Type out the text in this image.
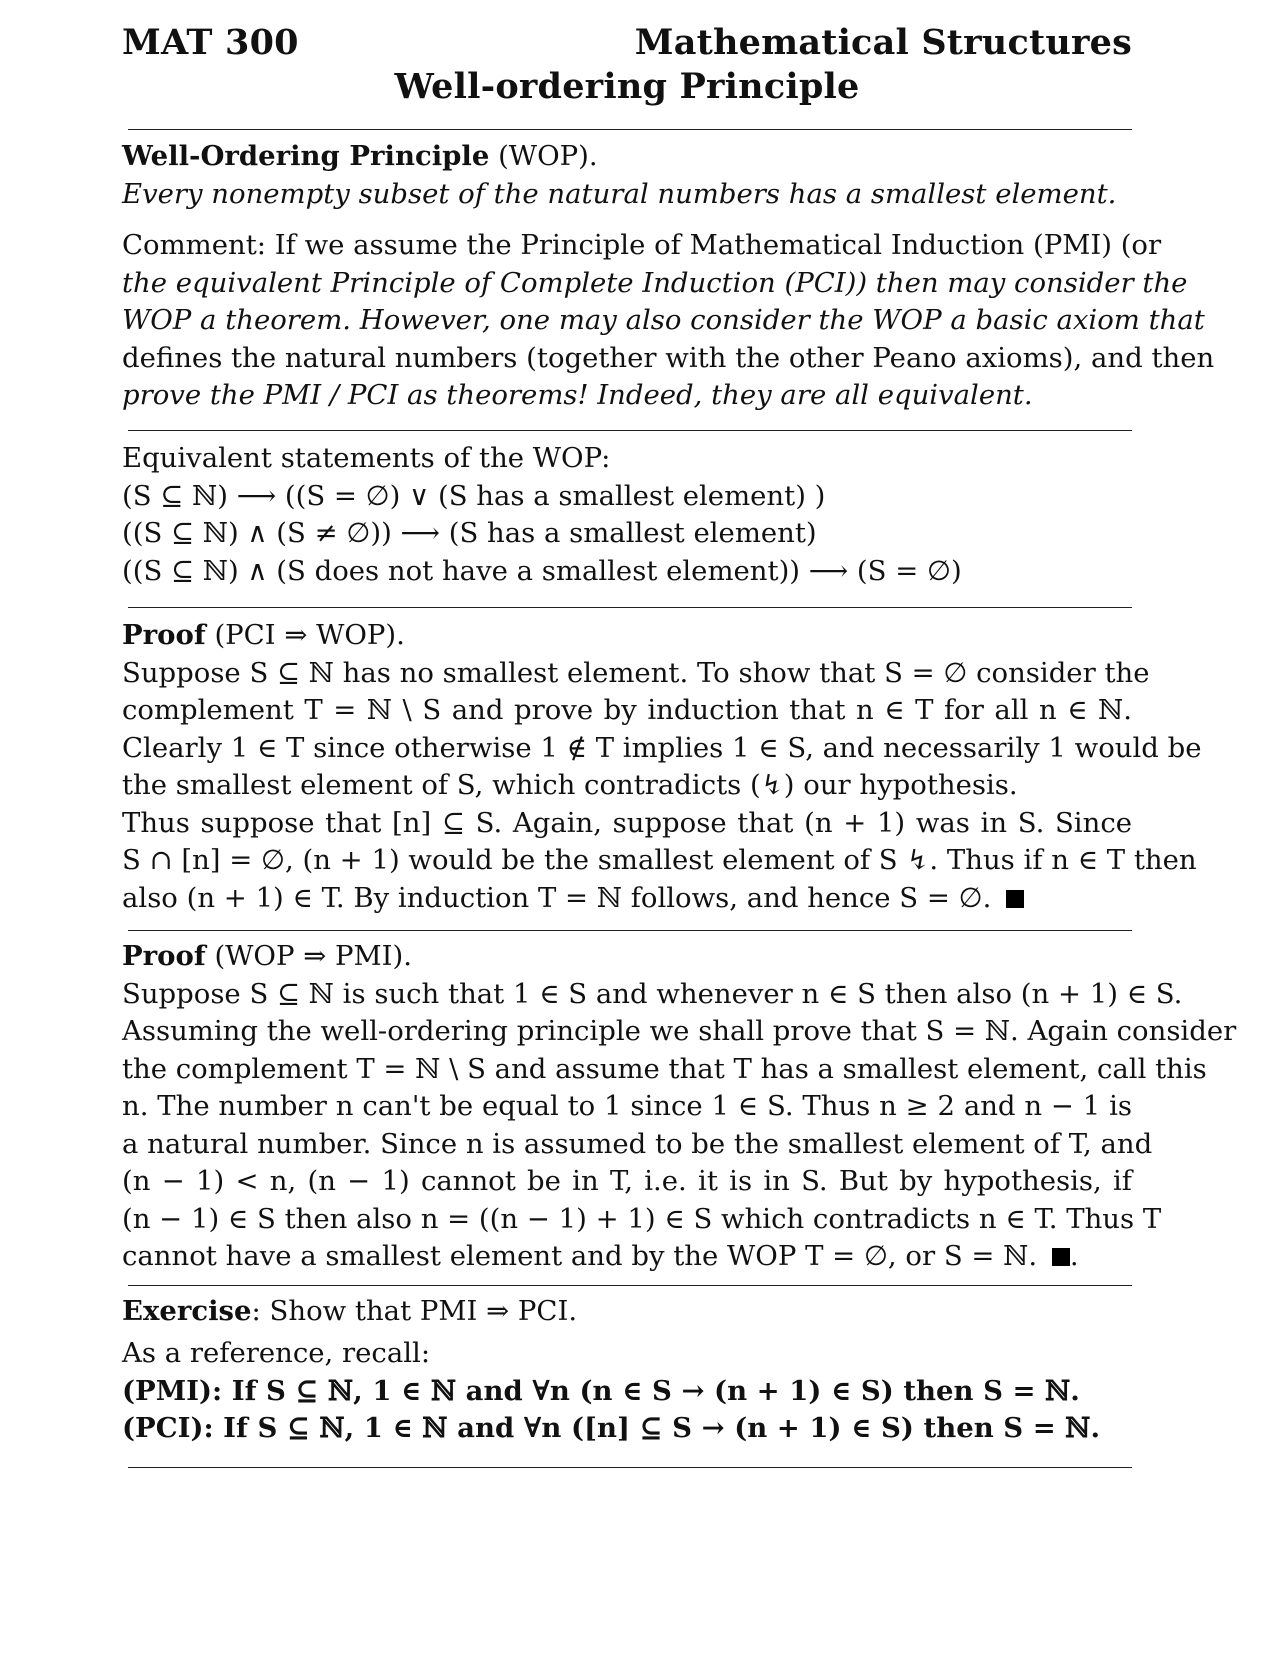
MAT 300	Mathematical Structures
Well-ordering Principle
Well-Ordering Principle (WOP).
Every nonempty subset of the natural numbers has a smallest element.
Comment: If we assume the Principle of Mathematical Induction (PMI) (or
the equivalent Principle of Complete Induction (PCI)) then may consider the
WOP a theorem. However, one may also consider the WOP a basic axiom that
defines the natural numbers (together with the other Peano axioms), and then
prove the PMI / PCI as theorems! Indeed, they are all equivalent.
Equivalent statements of the WOP:
(S ⊆ ℕ) ⟶ ((S = ∅) ∨ (S has a smallest element) )
((S ⊆ ℕ) ∧ (S ≠ ∅)) ⟶ (S has a smallest element)
((S ⊆ ℕ) ∧ (S does not have a smallest element)) ⟶ (S = ∅)
Proof (PCI ⇒ WOP).
Suppose S ⊆ ℕ has no smallest element. To show that S = ∅ consider the
complement T = ℕ \ S and prove by induction that n ∈ T for all n ∈ ℕ.
Clearly 1 ∈ T since otherwise 1 ∉ T implies 1 ∈ S, and necessarily 1 would be
the smallest element of S, which contradicts (↯) our hypothesis.
Thus suppose that [n] ⊆ S. Again, suppose that (n + 1) was in S. Since
S ∩ [n] = ∅, (n + 1) would be the smallest element of S ↯. Thus if n ∈ T then
also (n + 1) ∈ T. By induction T = ℕ follows, and hence S = ∅.
Proof (WOP ⇒ PMI).
Suppose S ⊆ ℕ is such that 1 ∈ S and whenever n ∈ S then also (n + 1) ∈ S.
Assuming the well-ordering principle we shall prove that S = ℕ. Again consider
the complement T = ℕ \ S and assume that T has a smallest element, call this
n. The number n can't be equal to 1 since 1 ∈ S. Thus n ≥ 2 and n − 1 is
a natural number. Since n is assumed to be the smallest element of T, and
(n − 1) < n, (n − 1) cannot be in T, i.e. it is in S. But by hypothesis, if
(n − 1) ∈ S then also n = ((n − 1) + 1) ∈ S which contradicts n ∈ T. Thus T
cannot have a smallest element and by the WOP T = ∅, or S = ℕ. .
Exercise: Show that PMI ⇒ PCI.
As a reference, recall:
(PMI): If S ⊆ ℕ, 1 ∈ ℕ and ∀n (n ∈ S → (n + 1) ∈ S) then S = ℕ.
(PCI): If S ⊆ ℕ, 1 ∈ ℕ and ∀n ([n] ⊆ S → (n + 1) ∈ S) then S = ℕ.
